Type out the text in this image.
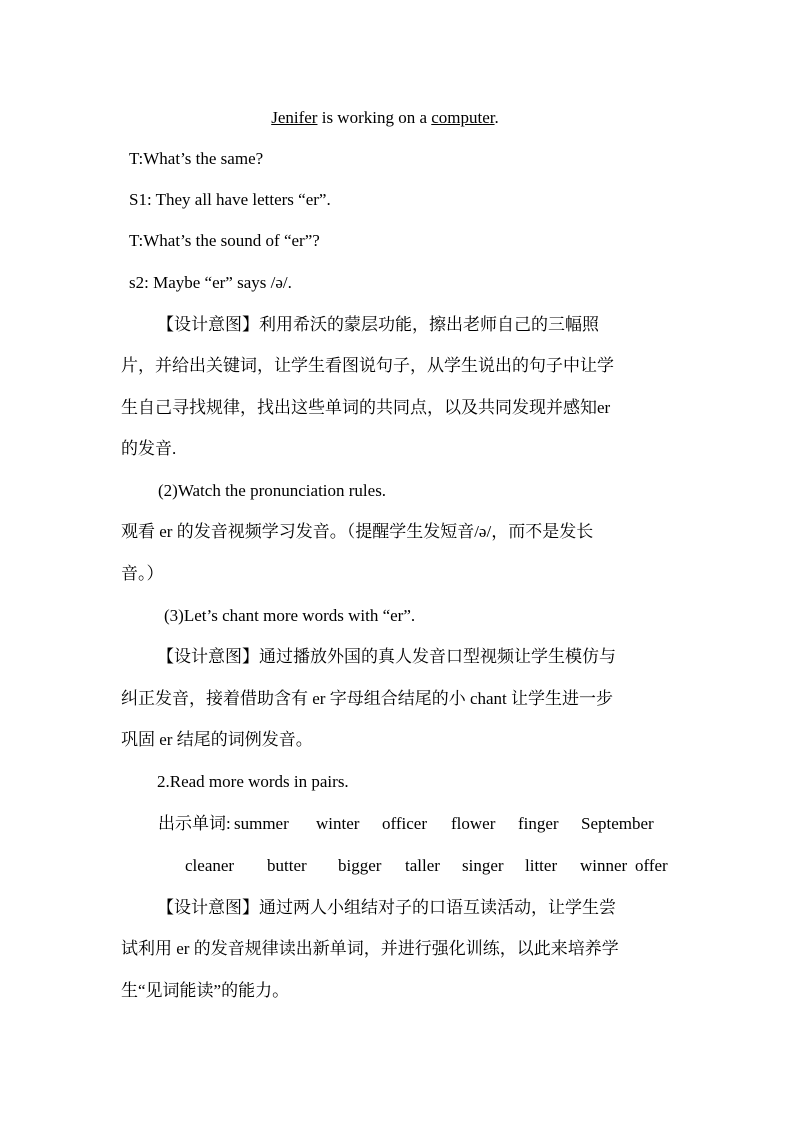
Jenifer is working on a computer.
T:What’s the same?
S1: They all have letters “er”.
T:What’s the sound of “er”?
s2: Maybe “er” says /ə/.
【设计意图】利用希沃的蒙层功能，擦出老师自己的三幅照
片，并给出关键词，让学生看图说句子，从学生说出的句子中让学
生自己寻找规律，找出这些单词的共同点，以及共同发现并感知er
的发音.
(2)Watch the pronunciation rules.
观看 er 的发音视频学习发音。（提醒学生发短音/ə/，而不是发长
音。）
(3)Let’s chant more words with “er”.
【设计意图】通过播放外国的真人发音口型视频让学生模仿与
纠正发音，接着借助含有 er 字母组合结尾的小 chant 让学生进一步
巩固 er 结尾的词例发音。
2.Read more words in pairs.
出示单词: summer winter officer flower finger September
cleaner butter bigger taller singer litter winner offer
【设计意图】通过两人小组结对子的口语互读活动，让学生尝
试利用 er 的发音规律读出新单词，并进行强化训练，以此来培养学
生“见词能读”的能力。
